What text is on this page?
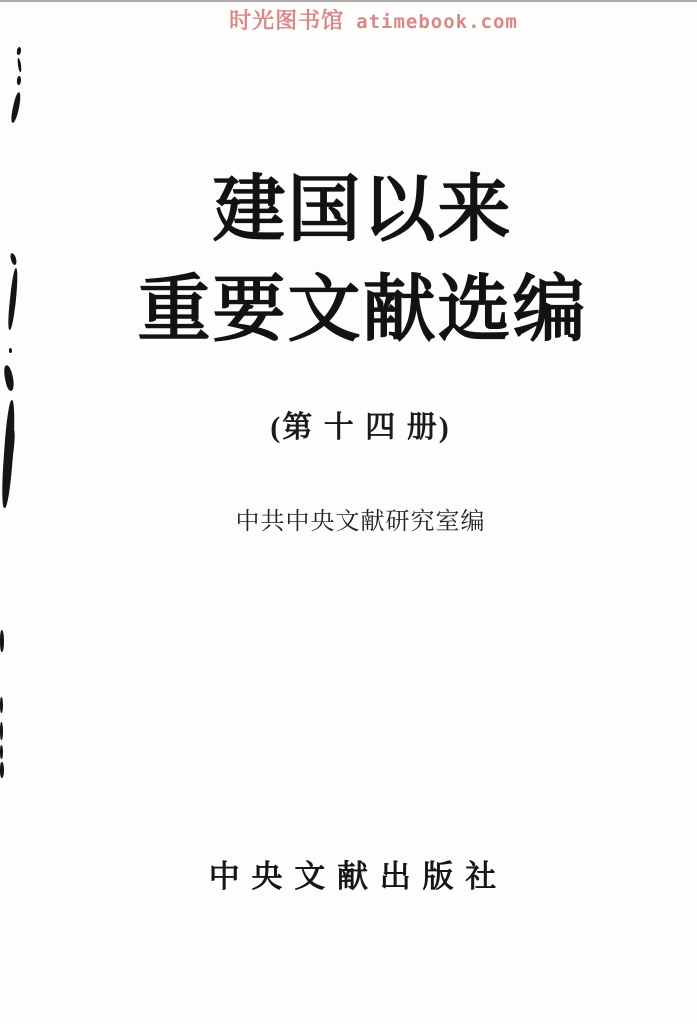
时光图书馆 atimebook.com
建国以来
重要文献选编
(第 十 四 册)
中共中央文献研究室编
中 央 文 献 出 版 社
